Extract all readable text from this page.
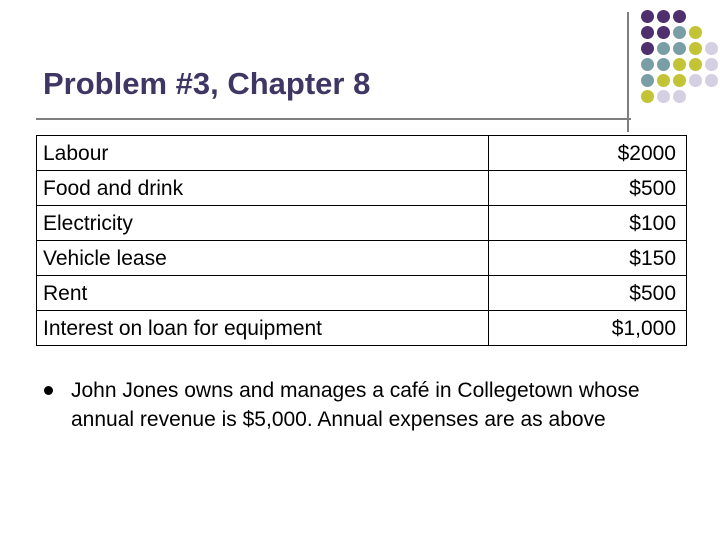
Problem #3, Chapter 8
Labour	$2000
Food and drink	$500
Electricity	$100
Vehicle lease	$150
Rent	$500
Interest on loan for equipment	$1,000
John Jones owns and manages a café in Collegetown whose annual revenue is $5,000. Annual expenses are as above
